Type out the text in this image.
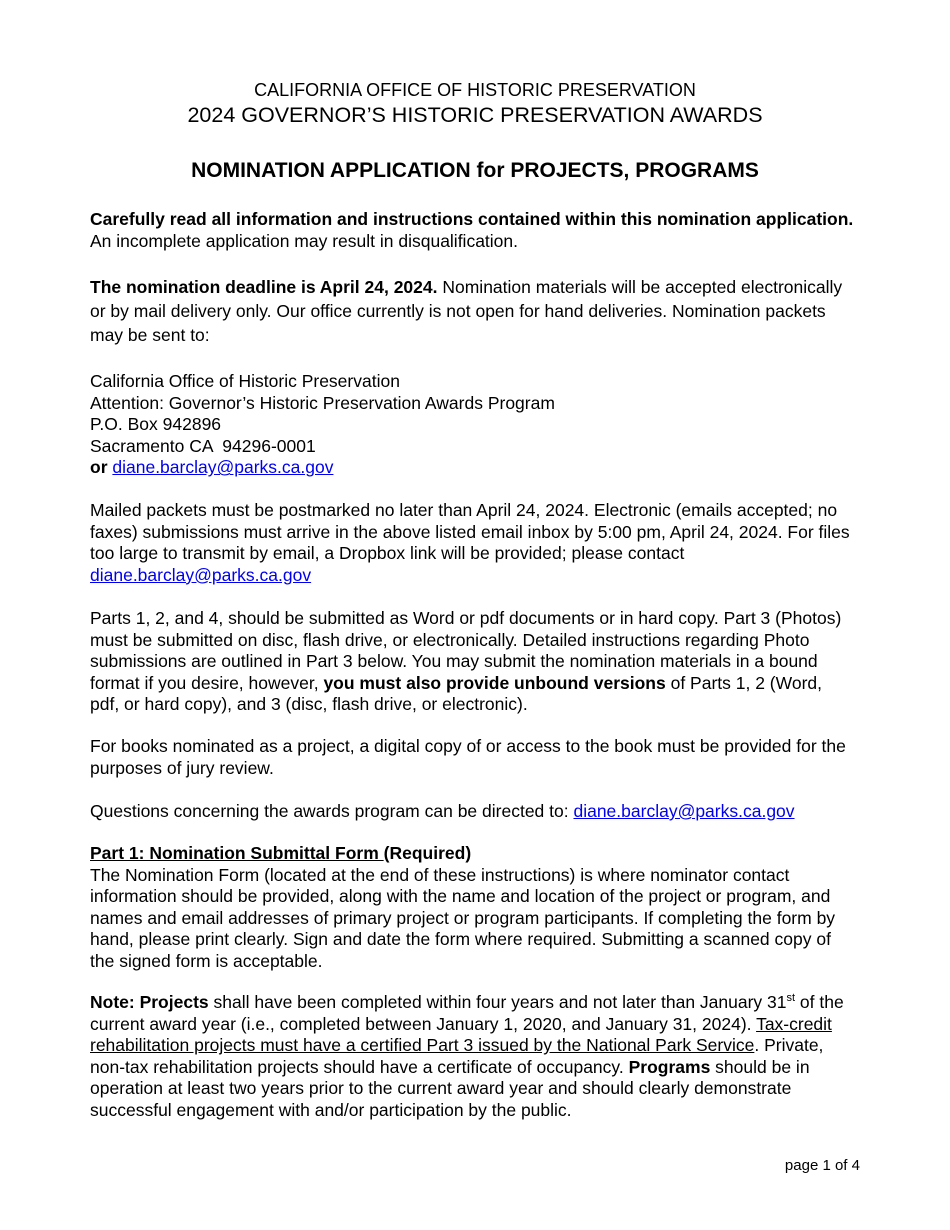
CALIFORNIA OFFICE OF HISTORIC PRESERVATION
2024 GOVERNOR’S HISTORIC PRESERVATION AWARDS
NOMINATION APPLICATION for PROJECTS, PROGRAMS
Carefully read all information and instructions contained within this nomination application. An incomplete application may result in disqualification.
The nomination deadline is April 24, 2024. Nomination materials will be accepted electronically or by mail delivery only. Our office currently is not open for hand deliveries. Nomination packets may be sent to:
California Office of Historic Preservation
Attention: Governor’s Historic Preservation Awards Program
P.O. Box 942896
Sacramento CA  94296-0001
or diane.barclay@parks.ca.gov
Mailed packets must be postmarked no later than April 24, 2024. Electronic (emails accepted; no faxes) submissions must arrive in the above listed email inbox by 5:00 pm, April 24, 2024. For files too large to transmit by email, a Dropbox link will be provided; please contact
diane.barclay@parks.ca.gov
Parts 1, 2, and 4, should be submitted as Word or pdf documents or in hard copy. Part 3 (Photos) must be submitted on disc, flash drive, or electronically. Detailed instructions regarding Photo submissions are outlined in Part 3 below. You may submit the nomination materials in a bound format if you desire, however, you must also provide unbound versions of Parts 1, 2 (Word, pdf, or hard copy), and 3 (disc, flash drive, or electronic).
For books nominated as a project, a digital copy of or access to the book must be provided for the purposes of jury review.
Questions concerning the awards program can be directed to: diane.barclay@parks.ca.gov
Part 1: Nomination Submittal Form (Required)
The Nomination Form (located at the end of these instructions) is where nominator contact information should be provided, along with the name and location of the project or program, and names and email addresses of primary project or program participants. If completing the form by hand, please print clearly. Sign and date the form where required. Submitting a scanned copy of the signed form is acceptable.
Note: Projects shall have been completed within four years and not later than January 31st of the current award year (i.e., completed between January 1, 2020, and January 31, 2024). Tax-credit rehabilitation projects must have a certified Part 3 issued by the National Park Service. Private, non-tax rehabilitation projects should have a certificate of occupancy. Programs should be in operation at least two years prior to the current award year and should clearly demonstrate successful engagement with and/or participation by the public.
page 1 of 4
